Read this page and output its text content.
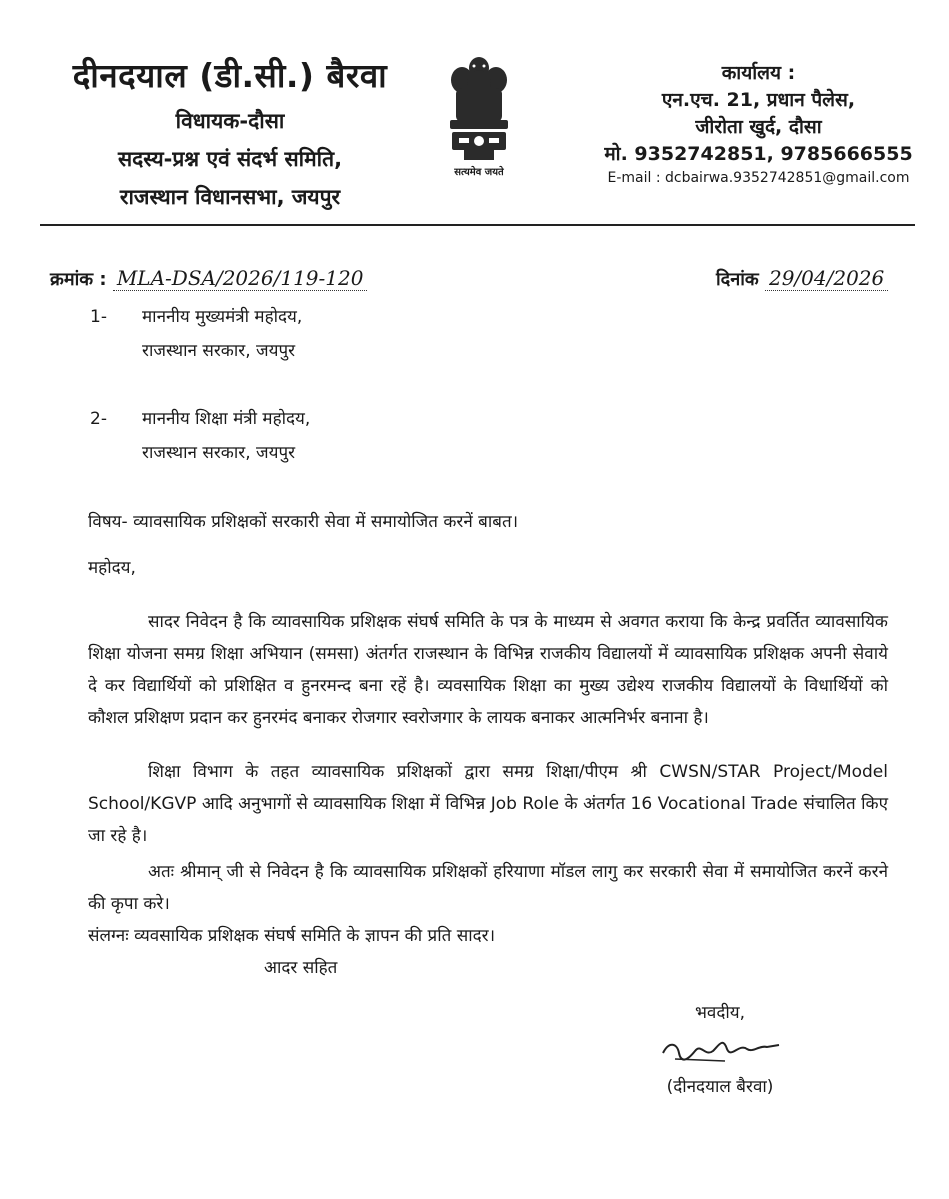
दीनदयाल (डी.सी.) बैरवा
विधायक-दौसा
सदस्य-प्रश्न एवं संदर्भ समिति,
राजस्थान विधानसभा, जयपुर
सत्यमेव जयते
कार्यालय :
एन.एच. 21, प्रधान पैलेस,
जीरोता खुर्द, दौसा
मो. 9352742851, 9785666555
E-mail : dcbairwa.9352742851@gmail.com
क्रमांक : MLA-DSA/2026/119-120	दिनांक 29/04/2026
1- माननीय मुख्यमंत्री महोदय,
राजस्थान सरकार, जयपुर
2- माननीय शिक्षा मंत्री महोदय,
राजस्थान सरकार, जयपुर
विषय- व्यावसायिक प्रशिक्षकों सरकारी सेवा में समायोजित करनें बाबत।
महोदय,
सादर निवेदन है कि व्यावसायिक प्रशिक्षक संघर्ष समिति के पत्र के माध्यम से अवगत कराया कि केन्द्र प्रवर्तित व्यावसायिक शिक्षा योजना समग्र शिक्षा अभियान (समसा) अंतर्गत राजस्थान के विभिन्न राजकीय विद्यालयों में व्यावसायिक प्रशिक्षक अपनी सेवाये दे कर विद्यार्थियों को प्रशिक्षित व हुनरमन्द बना रहें है। व्यवसायिक शिक्षा का मुख्य उद्येश्य राजकीय विद्यालयों के विधार्थियों को कौशल प्रशिक्षण प्रदान कर हुनरमंद बनाकर रोजगार स्वरोजगार के लायक बनाकर आत्मनिर्भर बनाना है।
शिक्षा विभाग के तहत व्यावसायिक प्रशिक्षकों द्वारा समग्र शिक्षा/पीएम श्री CWSN/STAR Project/Model School/KGVP आदि अनुभागों से व्यावसायिक शिक्षा में विभिन्न Job Role के अंतर्गत 16 Vocational Trade संचालित किए जा रहे है।
अतः श्रीमान् जी से निवेदन है कि व्यावसायिक प्रशिक्षकों हरियाणा मॉडल लागु कर सरकारी सेवा में समायोजित करनें करने की कृपा करे।
संलग्नः व्यवसायिक प्रशिक्षक संघर्ष समिति के ज्ञापन की प्रति सादर।
आदर सहित
भवदीय,
(दीनदयाल बैरवा)
